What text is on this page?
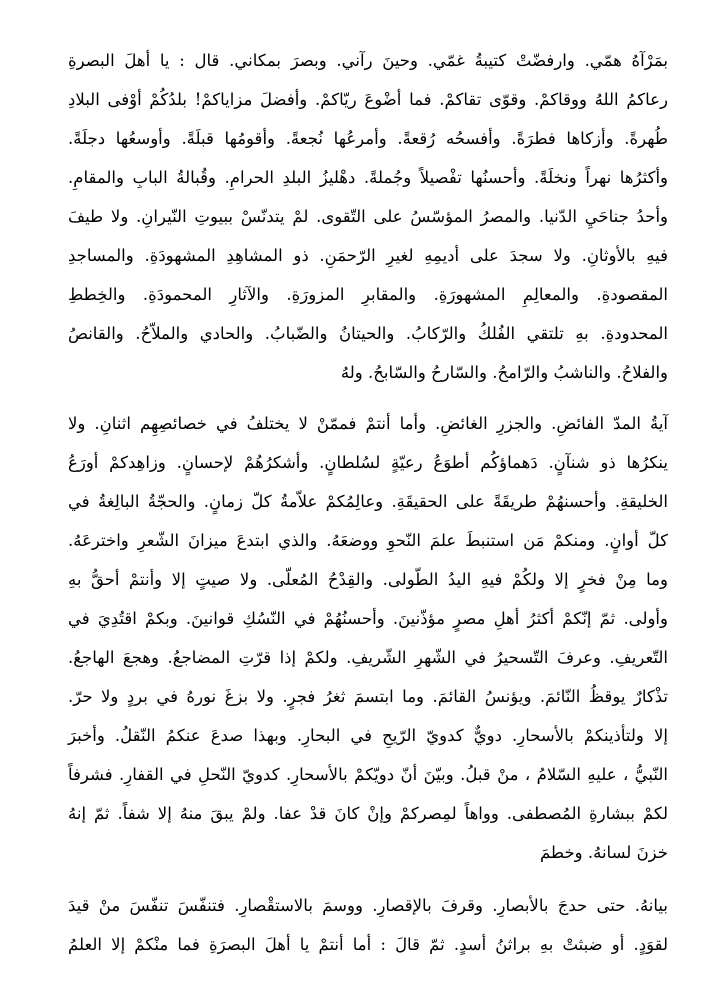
بمَرْآهُ همّي. وارفضّتْ كتيبةُ غمّي. وحينَ رآني. وبصرَ بمكاني. قال : يا أهلَ البصرةِ
رعاكمُ اللهُ ووقاكمْ. وقوّى تقاكمْ. فما أضْوعَ ريّاكمْ. وأفضلَ مزاياكمْ! بلدُكُمْ أوْفى البلادِ
طُهرةً. وأزكاها فطرَةً. وأفسحُه رُقعةً. وأمرعُها نُجعةً. وأقومُها قبلَةً. وأوسعُها دجلَةً.
وأكثرُها نهراً ونخلَةً. وأحسنُها تفْصيلاً وجُملةً. دهْليزُ البلدِ الحرامِ. وقُبالةُ البابِ والمقامِ.
وأحدُ جناحَيِ الدّنيا. والمصرُ المؤسّسُ على التّقوى. لمْ يتدنّسْ ببيوتِ النّيرانِ. ولا طيفَ
فيهِ بالأوثانِ. ولا سجدَ على أديمِهِ لغيرِ الرّحمَنِ. ذو المشاهِدِ المشهودَةِ. والمساجدِ
المقصودةِ. والمعالِمِ المشهورَةِ. والمقابرِ المزورَةِ. والآثارِ المحمودَةِ. والخِططِ
المحدودةِ. بهِ تلتقي الفُلكُ والرّكابُ. والحيتانُ والضّبابُ. والحادي والملاّحُ. والقانصُ
والفلاحُ. والناشبُ والرّامحُ. والسّارحُ والسّابحُ. ولهُ
آيةُ المدّ الفائضِ. والجزرِ الغائضِ. وأما أنتمْ فممّنْ لا يختلفُ في خصائصِهِم اثنانِ. ولا
ينكرُها ذو شنآنٍ. دَهماؤكُم أطوَعُ رعيّةٍ لسُلطانٍ. وأشكرُهُمْ لإحسانٍ. وزاهِدكمْ أورَعُ
الخليقةِ. وأحسنهُمْ طريقَةً على الحقيقَةِ. وعالِمُكمْ علاّمةُ كلّ زمانٍ. والحجّةُ البالِغةُ في
كلّ أوانٍ. ومنكمْ مَن استنبطَ علمَ النّحوِ ووضعَهُ. والذي ابتدعَ ميزانَ الشّعرِ واخترعَهُ.
وما مِنْ فخرٍ إلا ولكُمْ فيهِ اليدُ الطّولى. والقِدْحُ المُعلّى. ولا صيتٍ إلا وأنتمْ أحقُّ بهِ
وأولى. ثمّ إنّكمْ أكثرُ أهلِ مصرٍ مؤذّنينَ. وأحسنُهُمْ في النّسُكِ قوانينَ. وبكمْ اقتُدِيَ في
التّعريفِ. وعرفَ التّسحيرُ في الشّهرِ الشّريفِ. ولكمْ إذا قرّتِ المضاجعُ. وهجعَ الهاجعُ.
تذْكارٌ يوقظُ النّائمَ. ويؤنسُ القائمَ. وما ابتسمَ ثغرُ فجرٍ. ولا بزغَ نورهُ في بردٍ ولا حرّ.
إلا ولتأذينكمْ بالأسحارِ. دويٌّ كدويّ الرّيحِ في البحارِ. وبهذا صدعَ عنكمُ النّقلُ. وأخبرَ
النّبيُّ ، عليهِ السّلامُ ، منْ قبلُ. وبيّنَ أنّ دويّكمْ بالأسحارِ. كدويّ النّحلِ في القفارِ. فشرفاً
لكمْ ببشارةِ المُصطفى. وواهاً لمِصركمْ وإنْ كانَ قدْ عفا. ولمْ يبقَ منهُ إلا شفاً. ثمّ إنهُ
خزنَ لسانهُ. وخطمَ
بيانهُ. حتى حدجَ بالأبصارِ. وقرفَ بالإقصارِ. ووسمَ بالاستقْصارِ. فتنفّسَ تنفّسَ منْ قيدَ
لقوَدٍ. أو ضبثتْ بهِ براثنُ أسدٍ. ثمّ قالَ : أما أنتمْ يا أهلَ البصرَةِ فما منْكمْ إلا العلمُ
